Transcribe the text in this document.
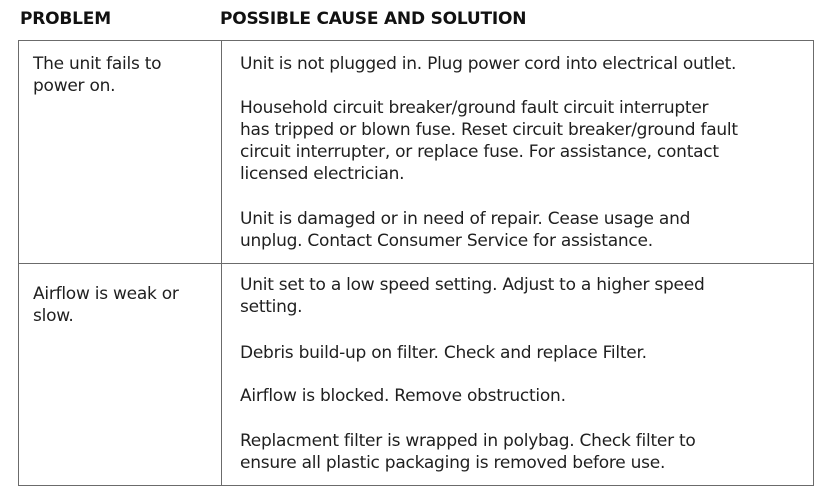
PROBLEM	POSSIBLE CAUSE AND SOLUTION
The unit fails to
power on.
Unit is not plugged in. Plug power cord into electrical outlet.
Household circuit breaker/ground fault circuit interrupter
has tripped or blown fuse. Reset circuit breaker/ground fault
circuit interrupter, or replace fuse. For assistance, contact
licensed electrician.
Unit is damaged or in need of repair. Cease usage and
unplug. Contact Consumer Service for assistance.
Airflow is weak or
slow.
Unit set to a low speed setting. Adjust to a higher speed
setting.
Debris build-up on filter. Check and replace Filter.
Airflow is blocked. Remove obstruction.
Replacment filter is wrapped in polybag. Check filter to
ensure all plastic packaging is removed before use.
